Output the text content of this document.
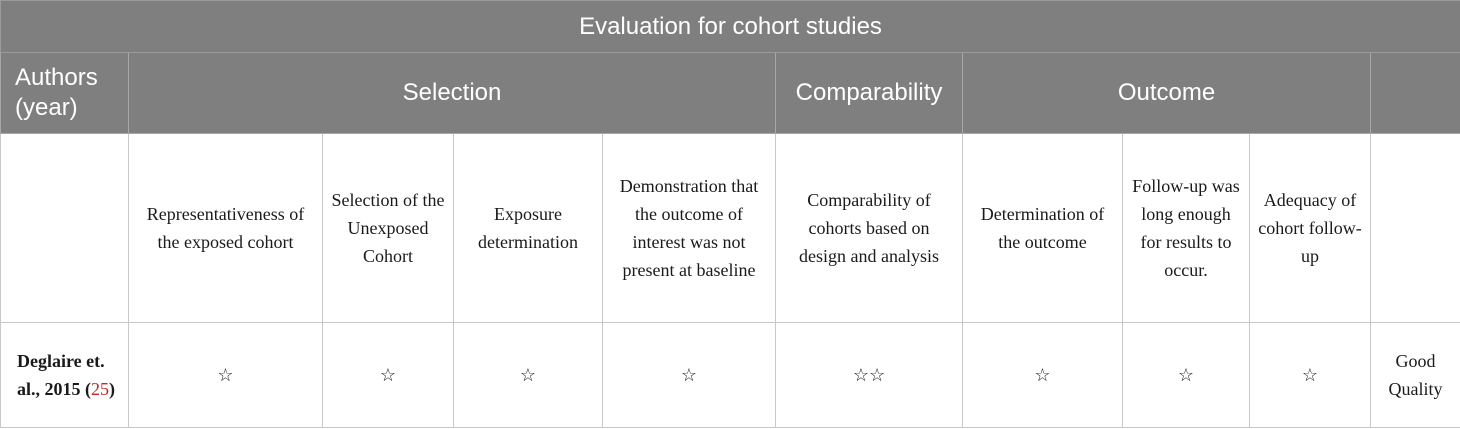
Evaluation for cohort studies									
Authors (year)	Selection				Comparability	Outcome			
	Representativeness of the exposed cohort	Selection of the Unexposed Cohort	Exposure determination	Demonstration that the outcome of interest was not present at baseline	Comparability of cohorts based on design and analysis	Determination of the outcome	Follow-up was long enough for results to occur.	Adequacy of cohort follow-up	
Deglaire et. al., 2015 (25)	☆	☆	☆	☆	☆☆	☆	☆	☆	Good Quality
